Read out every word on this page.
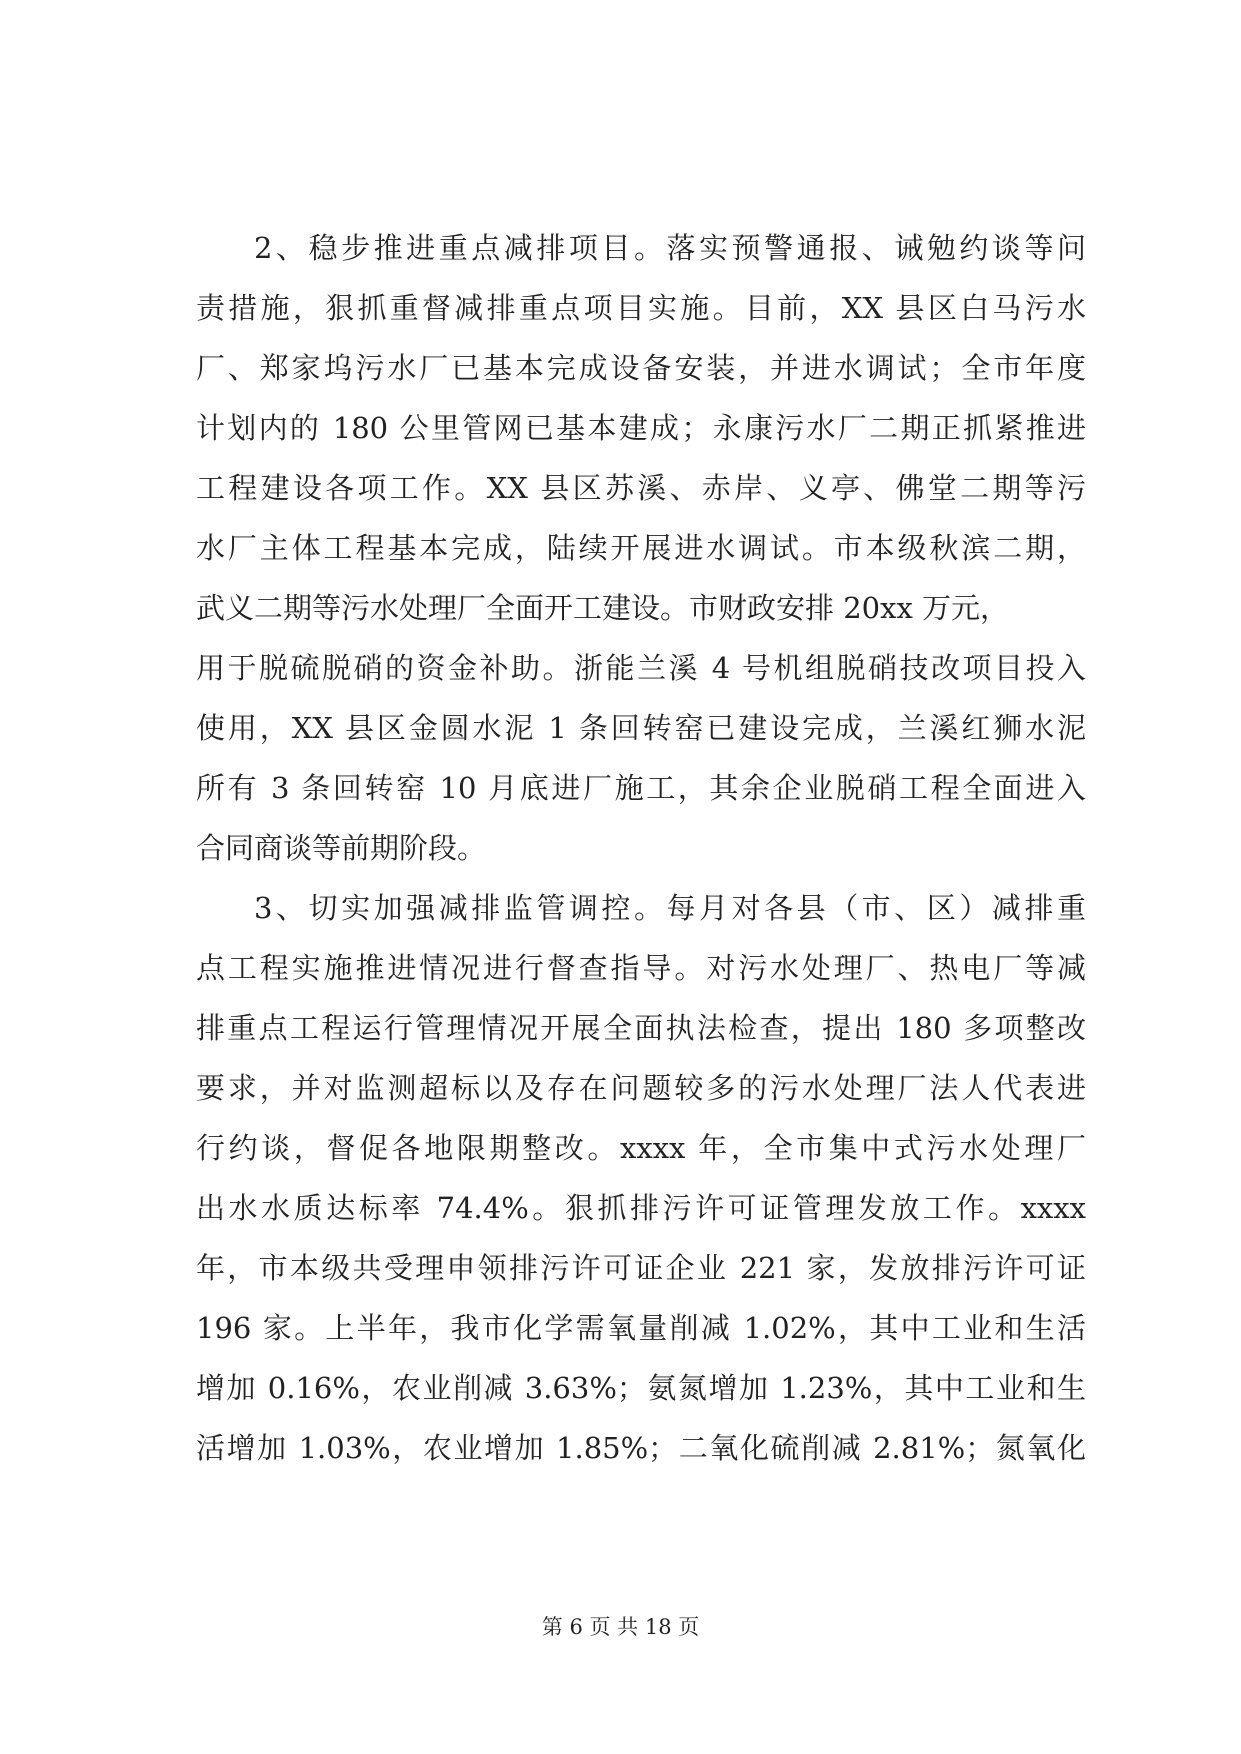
2、稳步推进重点减排项目。落实预警通报、诫勉约谈等问
责措施，狠抓重督减排重点项目实施。目前，XX 县区白马污水
厂、郑家坞污水厂已基本完成设备安装，并进水调试；全市年度
计划内的 180 公里管网已基本建成；永康污水厂二期正抓紧推进
工程建设各项工作。XX 县区苏溪、赤岸、义亭、佛堂二期等污
水厂主体工程基本完成，陆续开展进水调试。市本级秋滨二期，
武义二期等污水处理厂全面开工建设。市财政安排 20xx 万元，
用于脱硫脱硝的资金补助。浙能兰溪 4 号机组脱硝技改项目投入
使用，XX 县区金圆水泥 1 条回转窑已建设完成，兰溪红狮水泥
所有 3 条回转窑 10 月底进厂施工，其余企业脱硝工程全面进入
合同商谈等前期阶段。
3、切实加强减排监管调控。每月对各县（市、区）减排重
点工程实施推进情况进行督查指导。对污水处理厂、热电厂等减
排重点工程运行管理情况开展全面执法检查，提出 180 多项整改
要求，并对监测超标以及存在问题较多的污水处理厂法人代表进
行约谈，督促各地限期整改。xxxx 年，全市集中式污水处理厂
出水水质达标率 74.4%。狠抓排污许可证管理发放工作。xxxx
年，市本级共受理申领排污许可证企业 221 家，发放排污许可证
196 家。上半年，我市化学需氧量削减 1.02%，其中工业和生活
增加 0.16%，农业削减 3.63%；氨氮增加 1.23%，其中工业和生
活增加 1.03%，农业增加 1.85%；二氧化硫削减 2.81%；氮氧化
第 6 页 共 18 页
